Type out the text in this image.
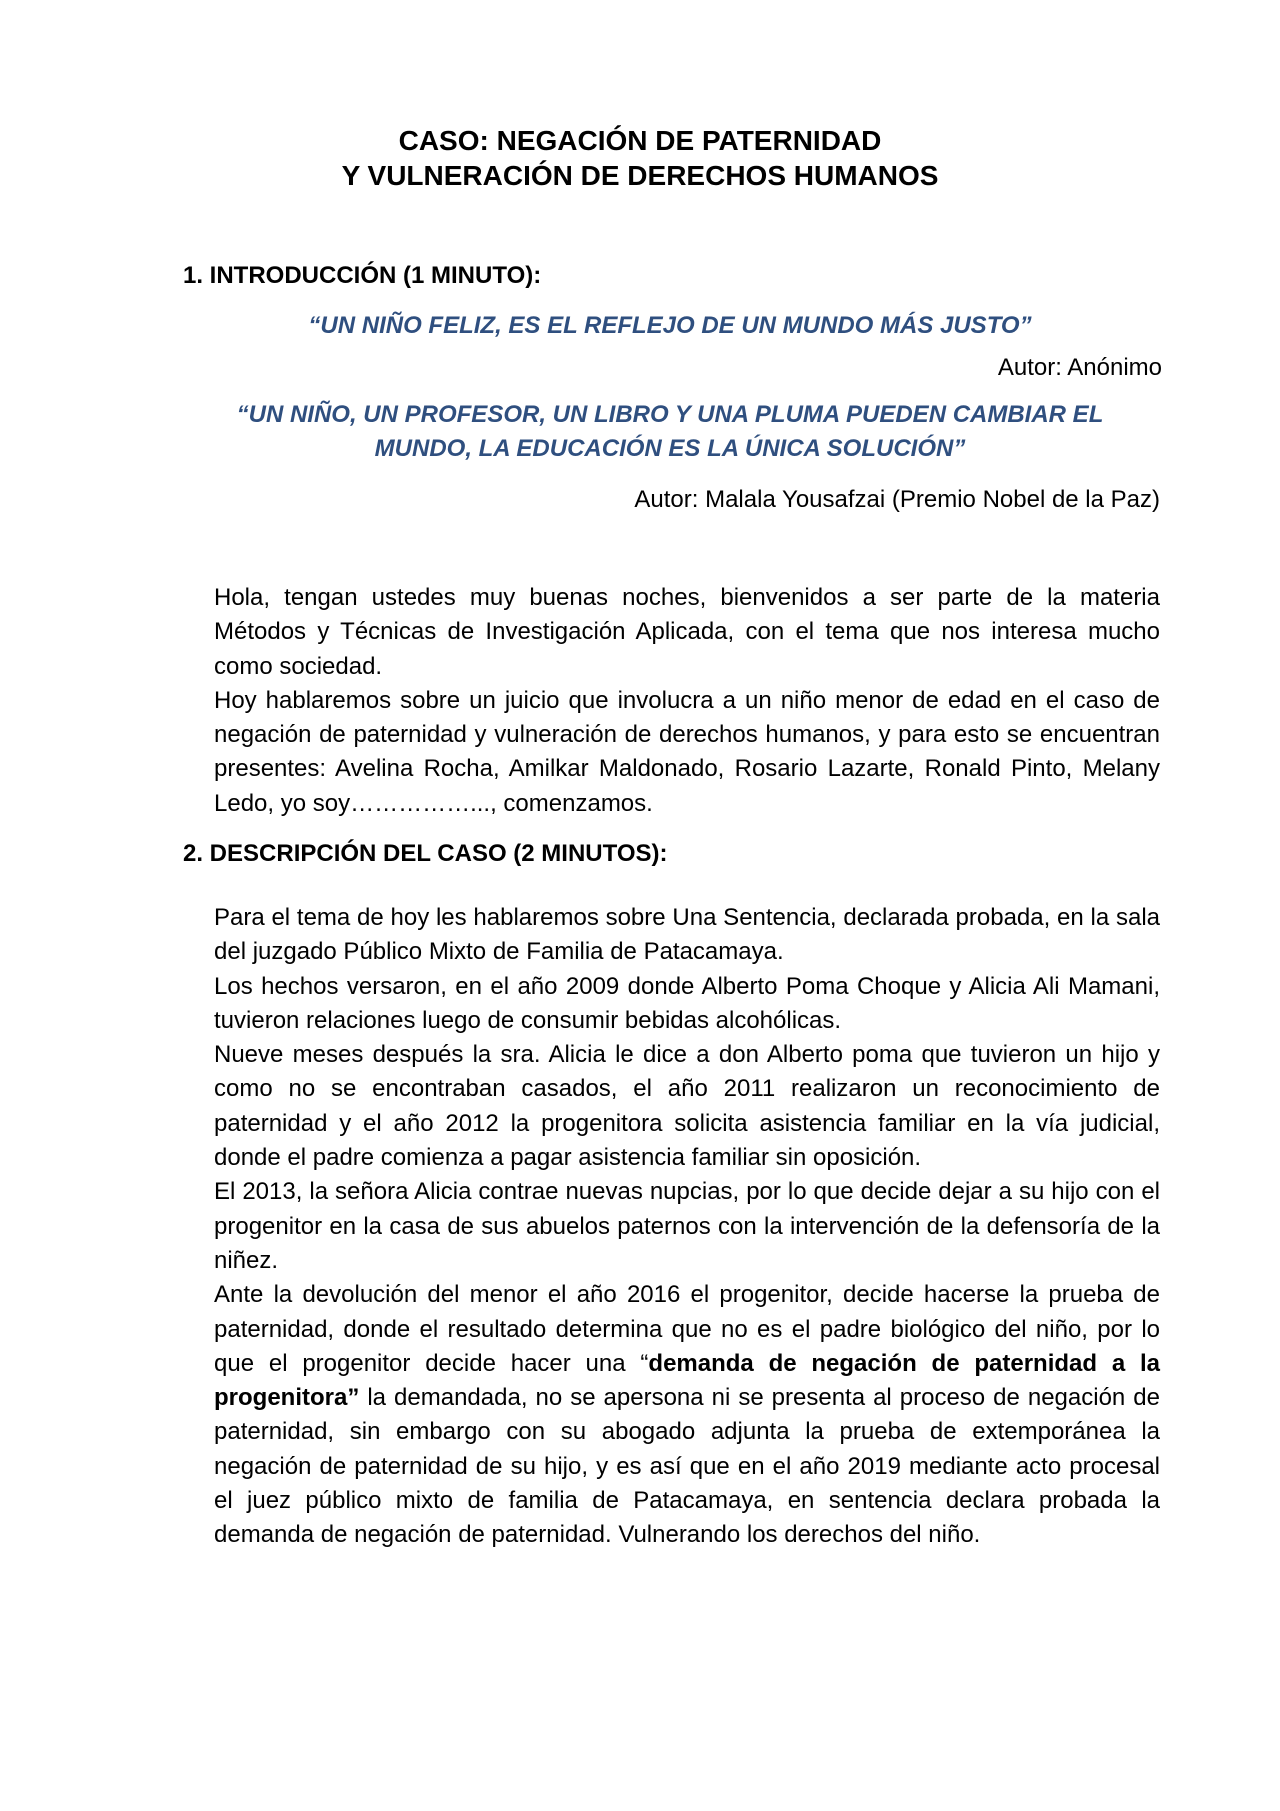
CASO: NEGACIÓN DE PATERNIDAD
Y VULNERACIÓN DE DERECHOS HUMANOS
1. INTRODUCCIÓN (1 MINUTO):
“UN NIÑO FELIZ, ES EL REFLEJO DE UN MUNDO MÁS JUSTO”
Autor: Anónimo
“UN NIÑO, UN PROFESOR, UN LIBRO Y UNA PLUMA PUEDEN CAMBIAR EL
MUNDO, LA EDUCACIÓN ES LA ÚNICA SOLUCIÓN”
Autor: Malala Yousafzai (Premio Nobel de la Paz)

Hola, tengan ustedes muy buenas noches, bienvenidos a ser parte de la materia Métodos y Técnicas de Investigación Aplicada, con el tema que nos interesa mucho como sociedad.

Hoy hablaremos sobre un juicio que involucra a un niño menor de edad en el caso de negación de paternidad y vulneración de derechos humanos, y para esto se encuentran presentes: Avelina Rocha, Amilkar Maldonado, Rosario Lazarte, Ronald Pinto, Melany Ledo, yo soy……………..., comenzamos.

2. DESCRIPCIÓN DEL CASO (2 MINUTOS):

Para el tema de hoy les hablaremos sobre Una Sentencia, declarada probada, en la sala del juzgado Público Mixto de Familia de Patacamaya.

Los hechos versaron, en el año 2009 donde Alberto Poma Choque y Alicia Ali Mamani, tuvieron relaciones luego de consumir bebidas alcohólicas.

Nueve meses después la sra. Alicia le dice a don Alberto poma que tuvieron un hijo y como no se encontraban casados, el año 2011 realizaron un reconocimiento de paternidad y el año 2012 la progenitora solicita asistencia familiar en la vía judicial, donde el padre comienza a pagar asistencia familiar sin oposición.

El 2013, la señora Alicia contrae nuevas nupcias, por lo que decide dejar a su hijo con el progenitor en la casa de sus abuelos paternos con la intervención de la defensoría de la niñez.

Ante la devolución del menor el año 2016 el progenitor, decide hacerse la prueba de paternidad, donde el resultado determina que no es el padre biológico del niño, por lo que el progenitor decide hacer una “demanda de negación de paternidad a la progenitora” la demandada, no se apersona ni se presenta al proceso de negación de paternidad, sin embargo con su abogado adjunta la prueba de extemporánea la negación de paternidad de su hijo, y es así que en el año 2019 mediante acto procesal el juez público mixto de familia de Patacamaya, en sentencia declara probada la demanda de negación de paternidad. Vulnerando los derechos del niño.
